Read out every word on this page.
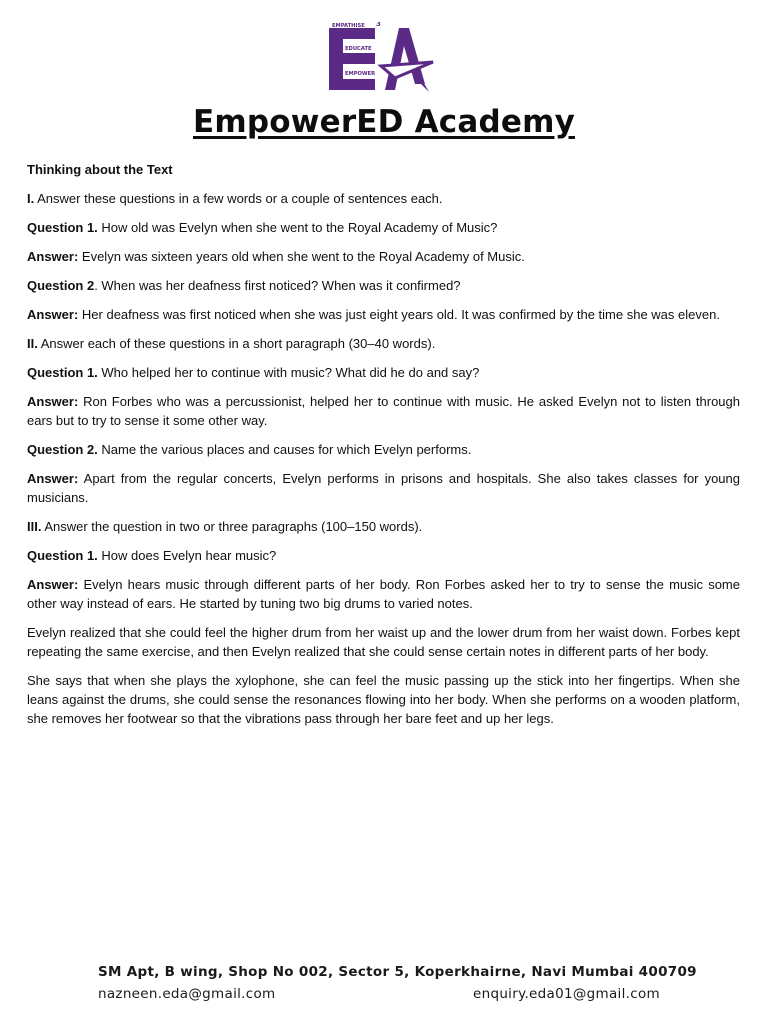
EMPATHISE 3
EDUCATE
EMPOWER
EmpowerED Academy

Thinking about the Text

I. Answer these questions in a few words or a couple of sentences each.

Question 1. How old was Evelyn when she went to the Royal Academy of Music?

Answer: Evelyn was sixteen years old when she went to the Royal Academy of Music.

Question 2. When was her deafness first noticed? When was it confirmed?

Answer: Her deafness was first noticed when she was just eight years old. It was confirmed by the time she was eleven.

II. Answer each of these questions in a short paragraph (30–40 words).

Question 1. Who helped her to continue with music? What did he do and say?

Answer: Ron Forbes who was a percussionist, helped her to continue with music. He asked Evelyn not to listen through ears but to try to sense it some other way.

Question 2. Name the various places and causes for which Evelyn performs.

Answer: Apart from the regular concerts, Evelyn performs in prisons and hospitals. She also takes classes for young musicians.

III. Answer the question in two or three paragraphs (100–150 words).

Question 1. How does Evelyn hear music?

Answer: Evelyn hears music through different parts of her body. Ron Forbes asked her to try to sense the music some other way instead of ears. He started by tuning two big drums to varied notes.

Evelyn realized that she could feel the higher drum from her waist up and the lower drum from her waist down. Forbes kept repeating the same exercise, and then Evelyn realized that she could sense certain notes in different parts of her body.

She says that when she plays the xylophone, she can feel the music passing up the stick into her fingertips. When she leans against the drums, she could sense the resonances flowing into her body. When she performs on a wooden platform, she removes her footwear so that the vibrations pass through her bare feet and up her legs.

SM Apt, B wing, Shop No 002, Sector 5, Koperkhairne, Navi Mumbai 400709
nazneen.eda@gmail.com	enquiry.eda01@gmail.com
